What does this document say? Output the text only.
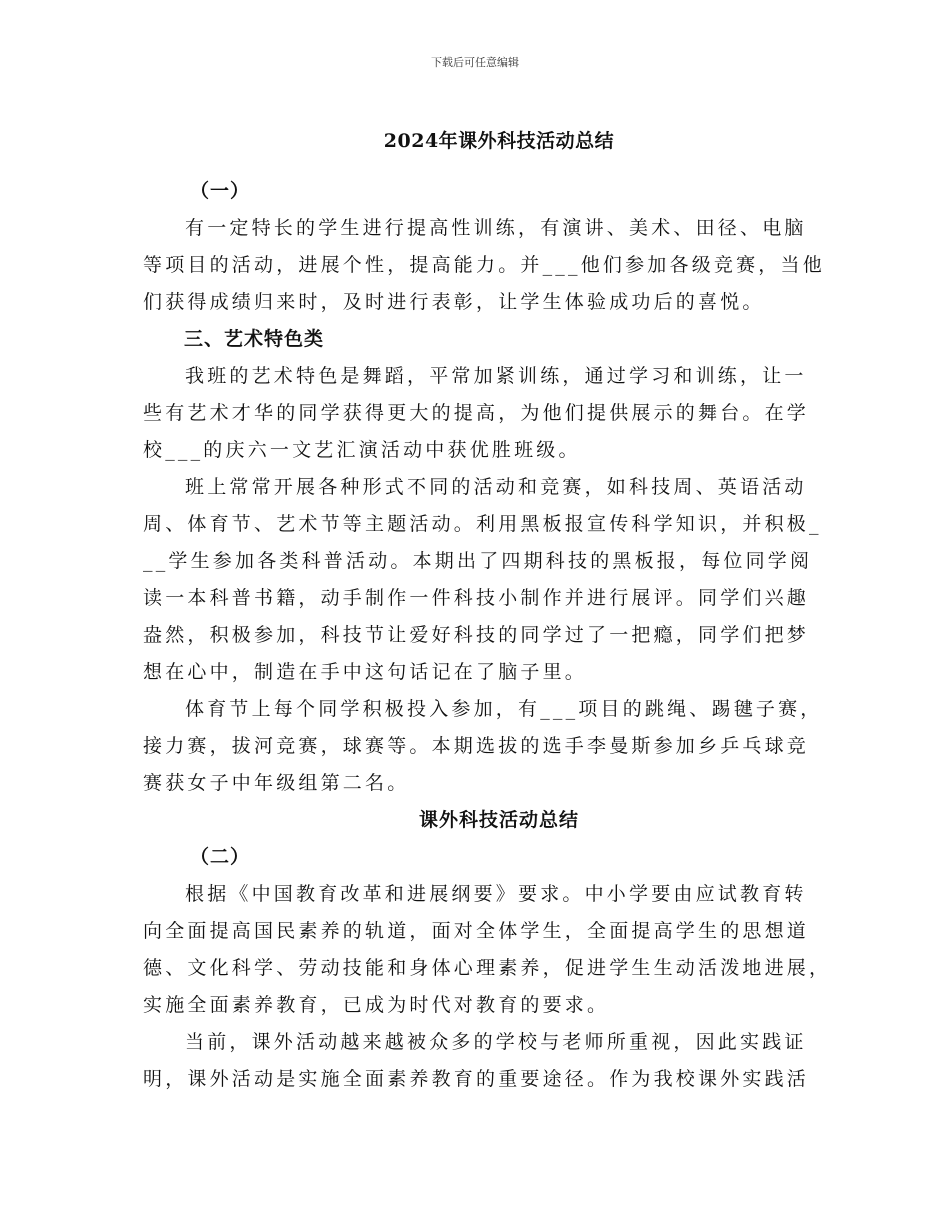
下载后可任意编辑
2024年课外科技活动总结
（一）
有一定特长的学生进行提高性训练，有演讲、美术、田径、电脑
等项目的活动，进展个性，提高能力。并___他们参加各级竞赛，当他
们获得成绩归来时，及时进行表彰，让学生体验成功后的喜悦。
三、艺术特色类
我班的艺术特色是舞蹈，平常加紧训练，通过学习和训练，让一
些有艺术才华的同学获得更大的提高，为他们提供展示的舞台。在学
校___的庆六一文艺汇演活动中获优胜班级。
班上常常开展各种形式不同的活动和竞赛，如科技周、英语活动
周、体育节、艺术节等主题活动。利用黑板报宣传科学知识，并积极_
__学生参加各类科普活动。本期出了四期科技的黑板报，每位同学阅
读一本科普书籍，动手制作一件科技小制作并进行展评。同学们兴趣
盎然，积极参加，科技节让爱好科技的同学过了一把瘾，同学们把梦
想在心中，制造在手中这句话记在了脑子里。
体育节上每个同学积极投入参加，有___项目的跳绳、踢毽子赛，
接力赛，拔河竞赛，球赛等。本期选拔的选手李曼斯参加乡乒乓球竞
赛获女子中年级组第二名。
课外科技活动总结
（二）
根据《中国教育改革和进展纲要》要求。中小学要由应试教育转
向全面提高国民素养的轨道，面对全体学生，全面提高学生的思想道
德、文化科学、劳动技能和身体心理素养，促进学生生动活泼地进展，
实施全面素养教育，已成为时代对教育的要求。
当前，课外活动越来越被众多的学校与老师所重视，因此实践证
明，课外活动是实施全面素养教育的重要途径。作为我校课外实践活
